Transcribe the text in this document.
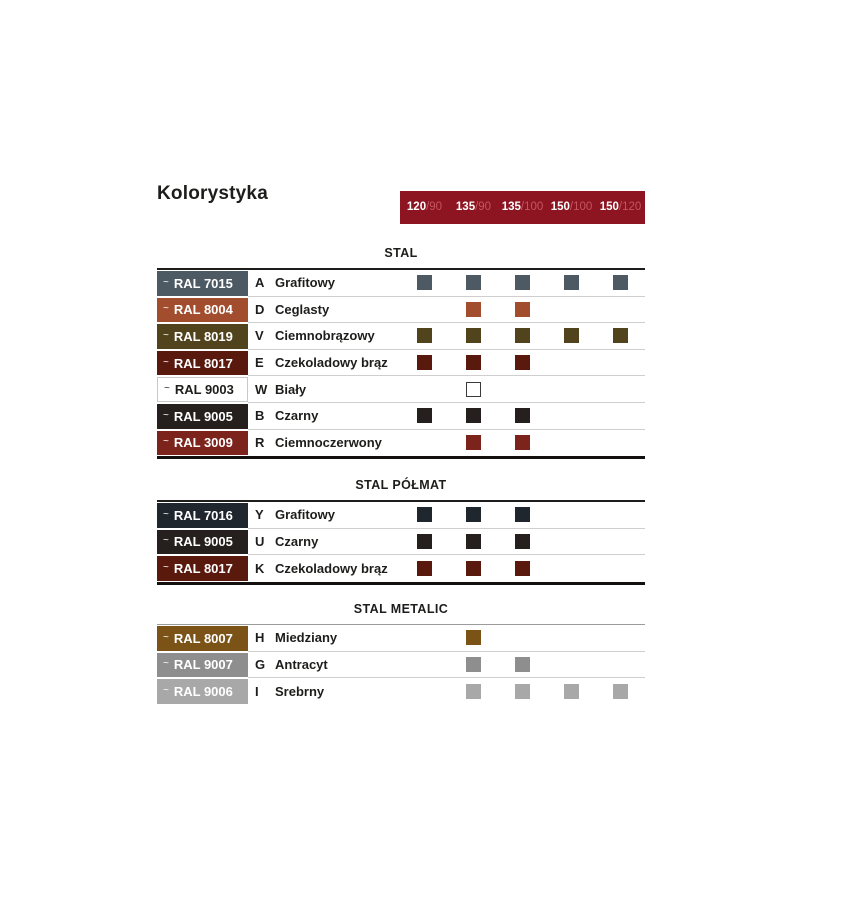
Kolorystyka
120/90	135/90 135/100 150/100 150/120
STAL
~ RAL 7015 A Grafitowy
~ RAL 8004 D Ceglasty
~ RAL 8019 V Ciemnobrązowy
~ RAL 8017 E Czekoladowy brąz
~ RAL 9003 W Biały
~ RAL 9005 B Czarny
~ RAL 3009 R Ciemnoczerwony
STAL PÓŁMAT
~ RAL 7016 Y Grafitowy
~ RAL 9005 U Czarny
~ RAL 8017 K Czekoladowy brąz
STAL METALIC
~ RAL 8007 H Miedziany
~ RAL 9007 G Antracyt
~ RAL 9006 I	Srebrny
